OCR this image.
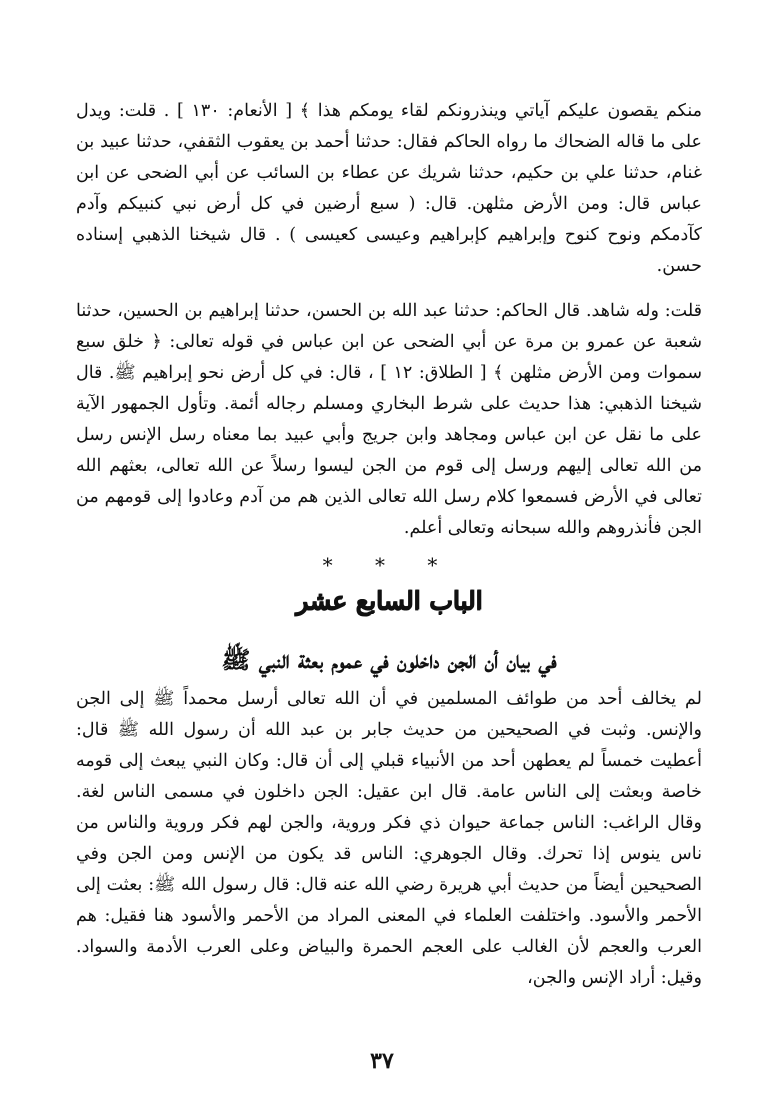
منكم يقصون عليكم آياتي وينذرونكم لقاء يومكم هذا ﴾ [ الأنعام: ١٣٠ ] . قلت: ويدل على ما قاله الضحاك ما رواه الحاكم فقال: حدثنا أحمد بن يعقوب الثقفي، حدثنا عبيد بن غنام، حدثنا علي بن حكيم، حدثنا شريك عن عطاء بن السائب عن أبي الضحى عن ابن عباس قال: ومن الأرض مثلهن. قال: ( سبع أرضين في كل أرض نبي كنبيكم وآدم كآدمكم ونوح كنوح وإبراهيم كإبراهيم وعيسى كعيسى ) . قال شيخنا الذهبي إسناده حسن.

قلت: وله شاهد. قال الحاكم: حدثنا عبد الله بن الحسن، حدثنا إبراهيم بن الحسين، حدثنا شعبة عن عمرو بن مرة عن أبي الضحى عن ابن عباس في قوله تعالى: ﴿ خلق سبع سموات ومن الأرض مثلهن ﴾ [ الطلاق: ١٢ ] ، قال: في كل أرض نحو إبراهيم ﷺ. قال شيخنا الذهبي: هذا حديث على شرط البخاري ومسلم رجاله أئمة. وتأول الجمهور الآية على ما نقل عن ابن عباس ومجاهد وابن جريج وأبي عبيد بما معناه رسل الإنس رسل من الله تعالى إليهم ورسل إلى قوم من الجن ليسوا رسلاً عن الله تعالى، بعثهم الله تعالى في الأرض فسمعوا كلام رسل الله تعالى الذين هم من آدم وعادوا إلى قومهم من الجن فأنذروهم والله سبحانه وتعالى أعلم.

* * *
الباب السابع عشر
في بيان أن الجن داخلون في عموم بعثة النبي ﷺ

لم يخالف أحد من طوائف المسلمين في أن الله تعالى أرسل محمداً ﷺ إلى الجن والإنس. وثبت في الصحيحين من حديث جابر بن عبد الله أن رسول الله ﷺ قال: أعطيت خمساً لم يعطهن أحد من الأنبياء قبلي إلى أن قال: وكان النبي يبعث إلى قومه خاصة وبعثت إلى الناس عامة. قال ابن عقيل: الجن داخلون في مسمى الناس لغة. وقال الراغب: الناس جماعة حيوان ذي فكر وروية، والجن لهم فكر وروية والناس من ناس ينوس إذا تحرك. وقال الجوهري: الناس قد يكون من الإنس ومن الجن وفي الصحيحين أيضاً من حديث أبي هريرة رضي الله عنه قال: قال رسول الله ﷺ: بعثت إلى الأحمر والأسود. واختلفت العلماء في المعنى المراد من الأحمر والأسود هنا فقيل: هم العرب والعجم لأن الغالب على العجم الحمرة والبياض وعلى العرب الأدمة والسواد. وقيل: أراد الإنس والجن،

٣٧
